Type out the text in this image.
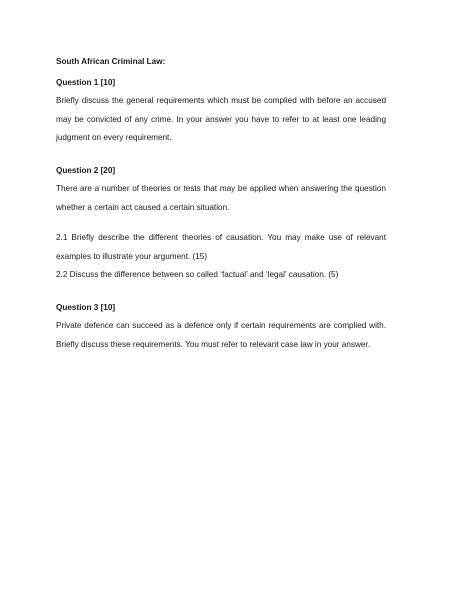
South African Criminal Law:

Question 1 [10]

Briefly discuss the general requirements which must be complied with before an accused may be convicted of any crime. In your answer you have to refer to at least one leading judgment on every requirement.

Question 2 [20]

There are a number of theories or tests that may be applied when answering the question whether a certain act caused a certain situation.

2.1 Briefly describe the different theories of causation. You may make use of relevant examples to illustrate your argument. (15)

2.2 Discuss the difference between so called ‘factual’ and ‘legal’ causation. (5)

Question 3 [10]

Private defence can succeed as a defence only if certain requirements are complied with. Briefly discuss these requirements. You must refer to relevant case law in your answer.
